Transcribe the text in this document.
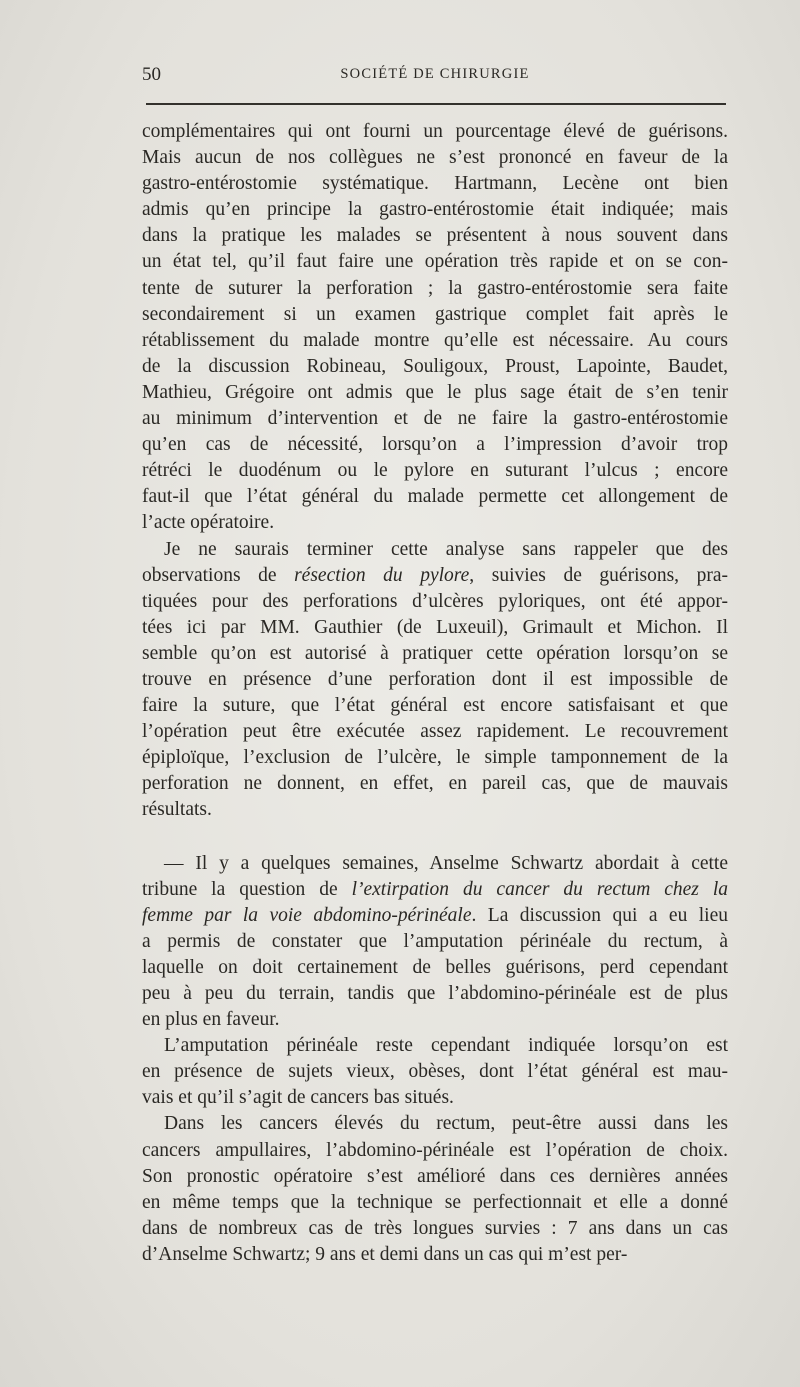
50	SOCIÉTÉ DE CHIRURGIE
complémentaires qui ont fourni un pourcentage élevé de guérisons.
Mais aucun de nos collègues ne s’est prononcé en faveur de la
gastro-entérostomie systématique. Hartmann, Lecène ont bien
admis qu’en principe la gastro-entérostomie était indiquée; mais
dans la pratique les malades se présentent à nous souvent dans
un état tel, qu’il faut faire une opération très rapide et on se con-
tente de suturer la perforation ; la gastro-entérostomie sera faite
secondairement si un examen gastrique complet fait après le
rétablissement du malade montre qu’elle est nécessaire. Au cours
de la discussion Robineau, Souligoux, Proust, Lapointe, Baudet,
Mathieu, Grégoire ont admis que le plus sage était de s’en tenir
au minimum d’intervention et de ne faire la gastro-entérostomie
qu’en cas de nécessité, lorsqu’on a l’impression d’avoir trop
rétréci le duodénum ou le pylore en suturant l’ulcus ; encore
faut-il que l’état général du malade permette cet allongement de
l’acte opératoire.
Je ne saurais terminer cette analyse sans rappeler que des
observations de résection du pylore, suivies de guérisons, pra-
tiquées pour des perforations d’ulcères pyloriques, ont été appor-
tées ici par MM. Gauthier (de Luxeuil), Grimault et Michon. Il
semble qu’on est autorisé à pratiquer cette opération lorsqu’on se
trouve en présence d’une perforation dont il est impossible de
faire la suture, que l’état général est encore satisfaisant et que
l’opération peut être exécutée assez rapidement. Le recouvrement
épiploïque, l’exclusion de l’ulcère, le simple tamponnement de la
perforation ne donnent, en effet, en pareil cas, que de mauvais
résultats.
— Il y a quelques semaines, Anselme Schwartz abordait à cette
tribune la question de l’extirpation du cancer du rectum chez la
femme par la voie abdomino-périnéale. La discussion qui a eu lieu
a permis de constater que l’amputation périnéale du rectum, à
laquelle on doit certainement de belles guérisons, perd cependant
peu à peu du terrain, tandis que l’abdomino-périnéale est de plus
en plus en faveur.
L’amputation périnéale reste cependant indiquée lorsqu’on est
en présence de sujets vieux, obèses, dont l’état général est mau-
vais et qu’il s’agit de cancers bas situés.
Dans les cancers élevés du rectum, peut-être aussi dans les
cancers ampullaires, l’abdomino-périnéale est l’opération de choix.
Son pronostic opératoire s’est amélioré dans ces dernières années
en même temps que la technique se perfectionnait et elle a donné
dans de nombreux cas de très longues survies : 7 ans dans un cas
d’Anselme Schwartz; 9 ans et demi dans un cas qui m’est per-
